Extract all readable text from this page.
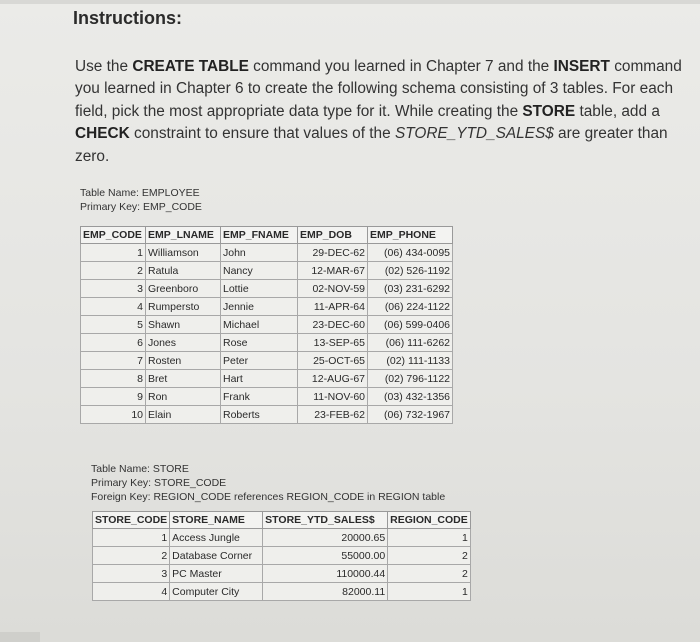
Instructions:
Use the CREATE TABLE command you learned in Chapter 7 and the INSERT command you learned in Chapter 6 to create the following schema consisting of 3 tables. For each field, pick the most appropriate data type for it. While creating the STORE table, add a CHECK constraint to ensure that values of the STORE_YTD_SALES$ are greater than zero.
Table Name: EMPLOYEE
Primary Key: EMP_CODE
EMP_CODE	EMP_LNAME	EMP_FNAME	EMP_DOB	EMP_PHONE
1	Williamson	John	29-DEC-62	(06) 434-0095
2	Ratula	Nancy	12-MAR-67	(02) 526-1192
3	Greenboro	Lottie	02-NOV-59	(03) 231-6292
4	Rumpersto	Jennie	11-APR-64	(06) 224-1122
5	Shawn	Michael	23-DEC-60	(06) 599-0406
6	Jones	Rose	13-SEP-65	(06) 111-6262
7	Rosten	Peter	25-OCT-65	(02) 111-1133
8	Bret	Hart	12-AUG-67	(02) 796-1122
9	Ron	Frank	11-NOV-60	(03) 432-1356
10	Elain	Roberts	23-FEB-62	(06) 732-1967
Table Name: STORE
Primary Key: STORE_CODE
Foreign Key: REGION_CODE references REGION_CODE in REGION table
STORE_CODE	STORE_NAME	STORE_YTD_SALES$	REGION_CODE
1	Access Jungle	20000.65	1
2	Database Corner	55000.00	2
3	PC Master	110000.44	2
4	Computer City	82000.11	1
